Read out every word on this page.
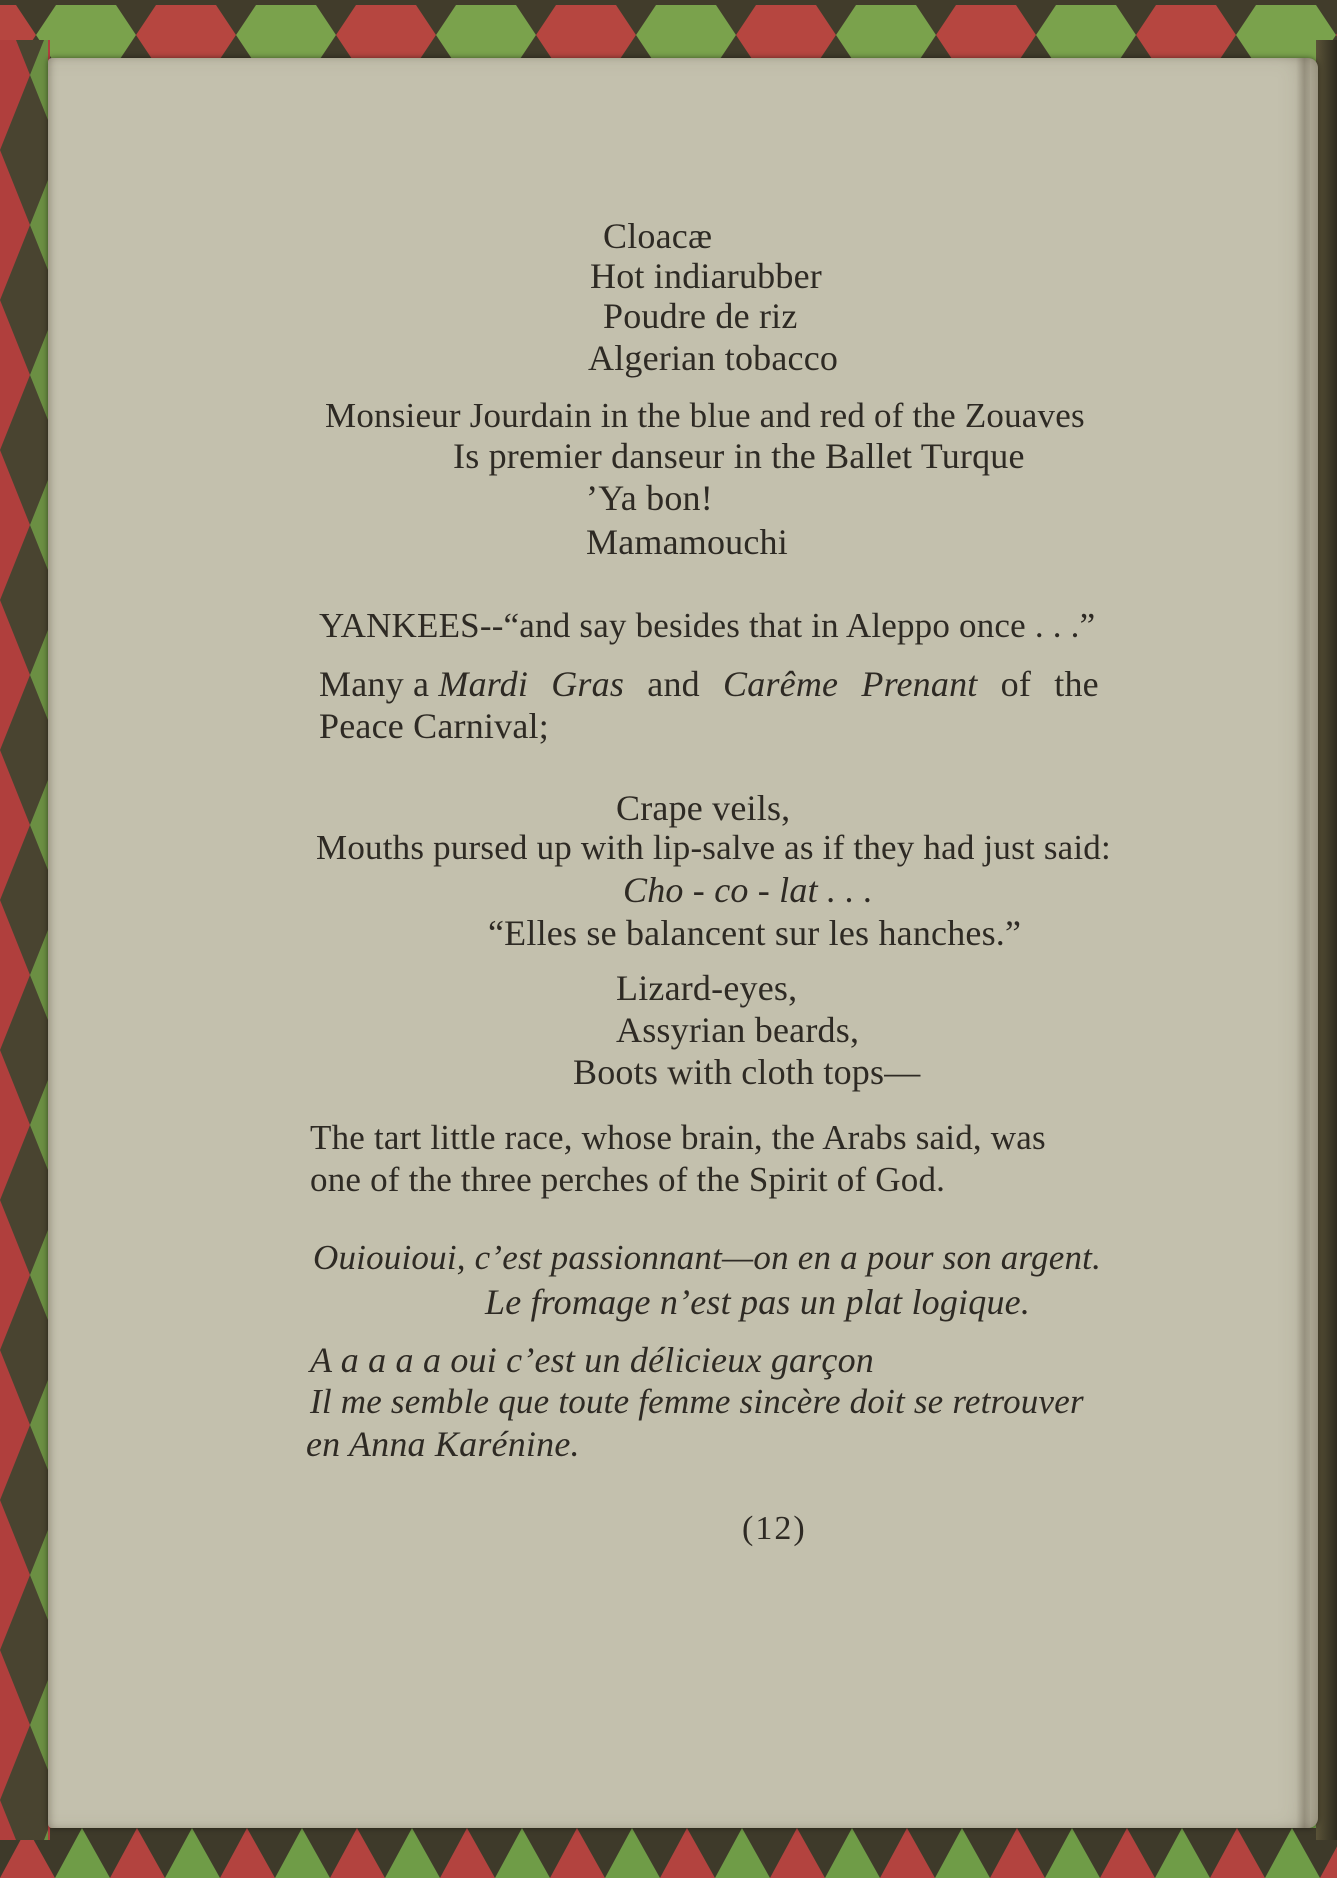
Cloacæ
Hot indiarubber
Poudre de riz
Algerian tobacco
Monsieur Jourdain in the blue and red of the Zouaves
Is premier danseur in the Ballet Turque
’Ya bon!
Mamamouchi
YANKEES--“and say besides that in Aleppo once . . .”
Many a Mardi Gras and Carême Prenant of the
Peace Carnival;
Crape veils,
Mouths pursed up with lip-salve as if they had just said:
Cho - co - lat . . .
“Elles se balancent sur les hanches.”
Lizard-eyes,
Assyrian beards,
Boots with cloth tops—
The tart little race, whose brain, the Arabs said, was
one of the three perches of the Spirit of God.
Ouiouioui, c’est passionnant—on en a pour son argent.
Le fromage n’est pas un plat logique.
A a a a a oui c’est un délicieux garçon
Il me semble que toute femme sincère doit se retrouver
en Anna Karénine.
(12)
